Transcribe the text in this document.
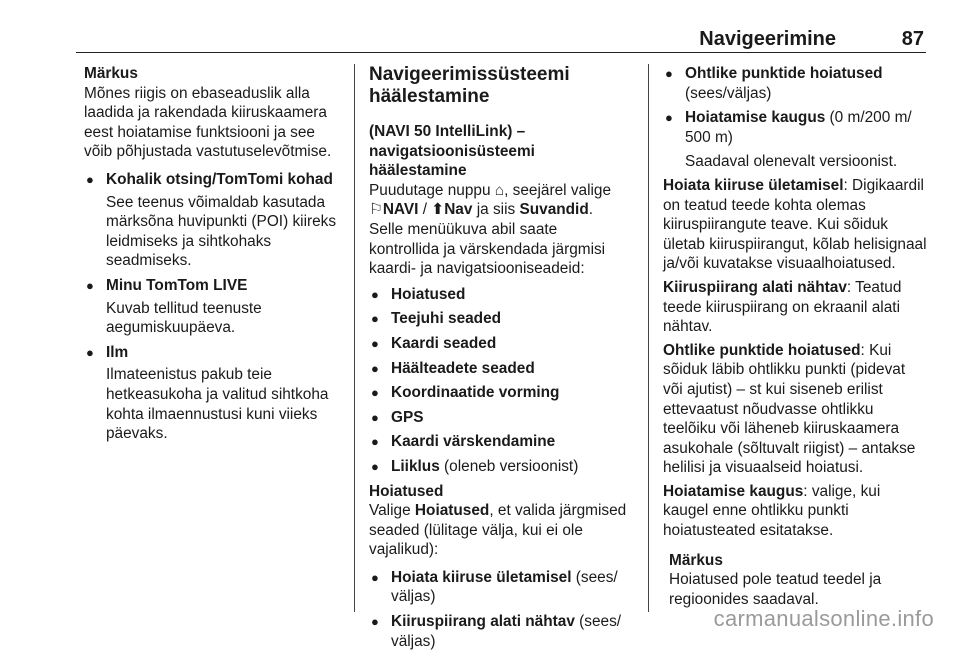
Navigeerimine	87
Märkus

Mõnes riigis on ebaseaduslik alla laadida ja rakendada kiiruskaamera eest hoiatamise funktsiooni ja see võib põhjustada vastutuselevõtmise.

● Kohalik otsing/TomTomi kohad
See teenus võimaldab kasutada märksõna huvipunkti (POI) kiireks leidmiseks ja sihtkohaks seadmiseks.
● Minu TomTom LIVE
Kuvab tellitud teenuste aegumiskuupäeva.
● Ilm
Ilmateenistus pakub teie hetkeasukoha ja valitud sihtkoha kohta ilmaennustusi kuni viieks päevaks.
Navigeerimissüsteemi häälestamine
(NAVI 50 IntelliLink) – navigatsioonisüsteemi häälestamine

Puudutage nuppu ⌂, seejärel valige ⚐NAVI / ⬆Nav ja siis Suvandid. Selle menüükuva abil saate kontrollida ja värskendada järgmisi kaardi- ja navigatsiooniseadeid:

● Hoiatused
● Teejuhi seaded
● Kaardi seaded
● Häälteadete seaded
● Koordinaatide vorming
● GPS
● Kaardi värskendamine
● Liiklus (oleneb versioonist)
Hoiatused

Valige Hoiatused, et valida järgmised seaded (lülitage välja, kui ei ole vajalikud):

● Hoiata kiiruse ületamisel (sees/ väljas)
● Kiiruspiirang alati nähtav (sees/ väljas)
● Ohtlike punktide hoiatused (sees/väljas)
● Hoiatamise kaugus (0 m/200 m/ 500 m)

Saadaval olenevalt versioonist.

Hoiata kiiruse ületamisel: Digikaardil on teatud teede kohta olemas kiiruspiirangute teave. Kui sõiduk ületab kiiruspiirangut, kõlab helisignaal ja/või kuvatakse visuaalhoiatused.

Kiiruspiirang alati nähtav: Teatud teede kiiruspiirang on ekraanil alati nähtav.

Ohtlike punktide hoiatused: Kui sõiduk läbib ohtlikku punkti (pidevat või ajutist) – st kui siseneb erilist ettevaatust nõudvasse ohtlikku teelõiku või läheneb kiiruskaamera asukohale (sõltuvalt riigist) – antakse helilisi ja visuaalseid hoiatusi.

Hoiatamise kaugus: valige, kui kaugel enne ohtlikku punkti hoiatusteated esitatakse.

Märkus
Hoiatused pole teatud teedel ja regioonides saadaval.
carmanualsonline.info
